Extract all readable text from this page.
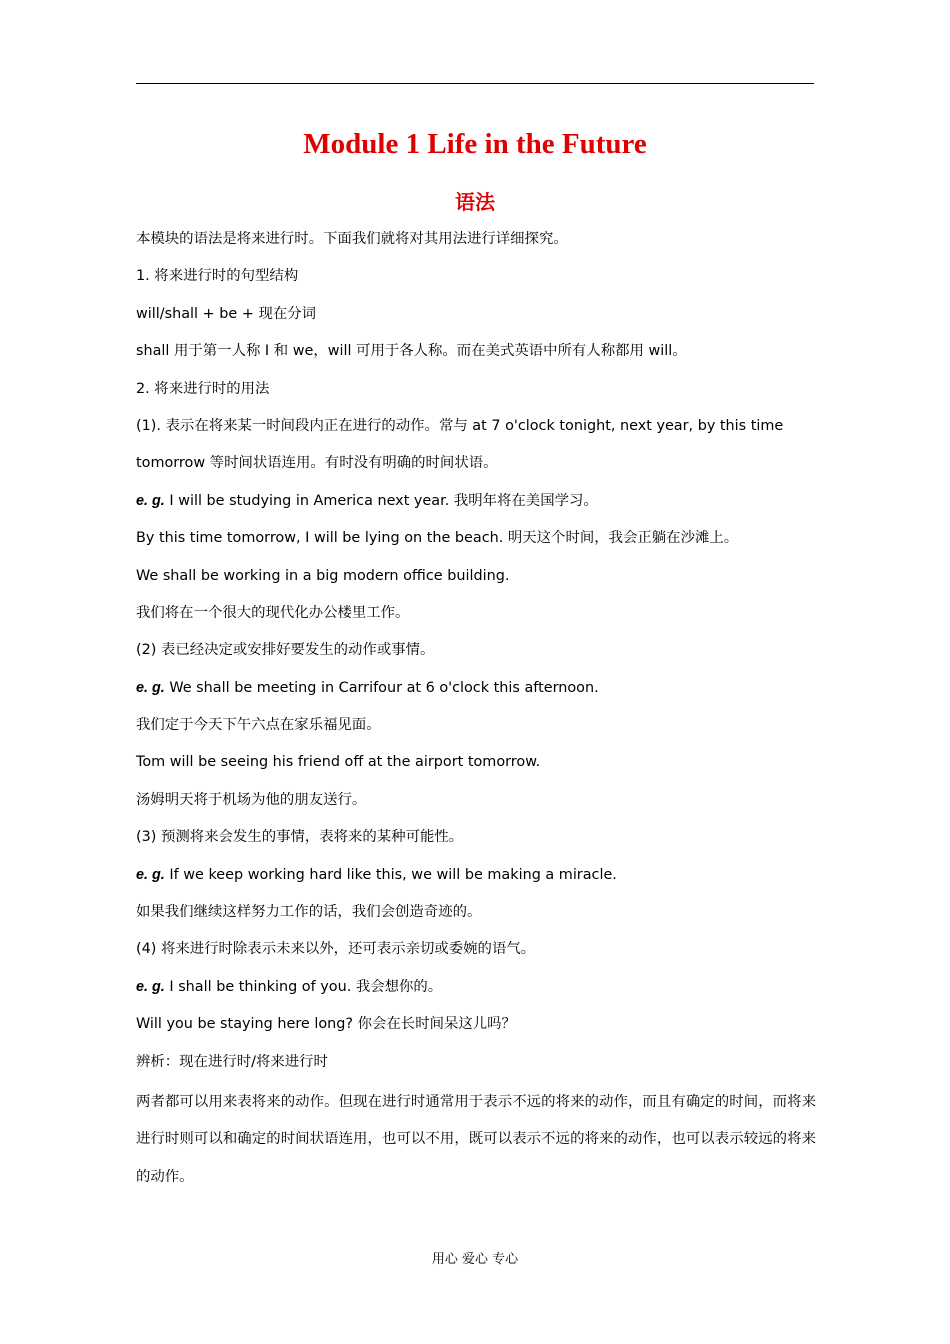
Module 1 Life in the Future
语法
本模块的语法是将来进行时。下面我们就将对其用法进行详细探究。
1. 将来进行时的句型结构
will/shall + be + 现在分词
shall 用于第一人称 I 和 we，will 可用于各人称。而在美式英语中所有人称都用 will。
2. 将来进行时的用法
(1). 表示在将来某一时间段内正在进行的动作。常与 at 7 o'clock tonight, next year, by this time
tomorrow 等时间状语连用。有时没有明确的时间状语。
e. g. I will be studying in America next year. 我明年将在美国学习。
By this time tomorrow, I will be lying on the beach. 明天这个时间，我会正躺在沙滩上。
We shall be working in a big modern office building.
我们将在一个很大的现代化办公楼里工作。
(2) 表已经决定或安排好要发生的动作或事情。
e. g. We shall be meeting in Carrifour at 6 o'clock this afternoon.
我们定于今天下午六点在家乐福见面。
Tom will be seeing his friend off at the airport tomorrow.
汤姆明天将于机场为他的朋友送行。
(3) 预测将来会发生的事情，表将来的某种可能性。
e. g. If we keep working hard like this, we will be making a miracle.
如果我们继续这样努力工作的话，我们会创造奇迹的。
(4) 将来进行时除表示未来以外，还可表示亲切或委婉的语气。
e. g. I shall be thinking of you. 我会想你的。
Will you be staying here long? 你会在长时间呆这儿吗？
辨析：现在进行时/将来进行时
两者都可以用来表将来的动作。但现在进行时通常用于表示不远的将来的动作，而且有确定的时间，而将来进行时则可以和确定的时间状语连用，也可以不用，既可以表示不远的将来的动作，也可以表示较远的将来的动作。
用心 爱心 专心
